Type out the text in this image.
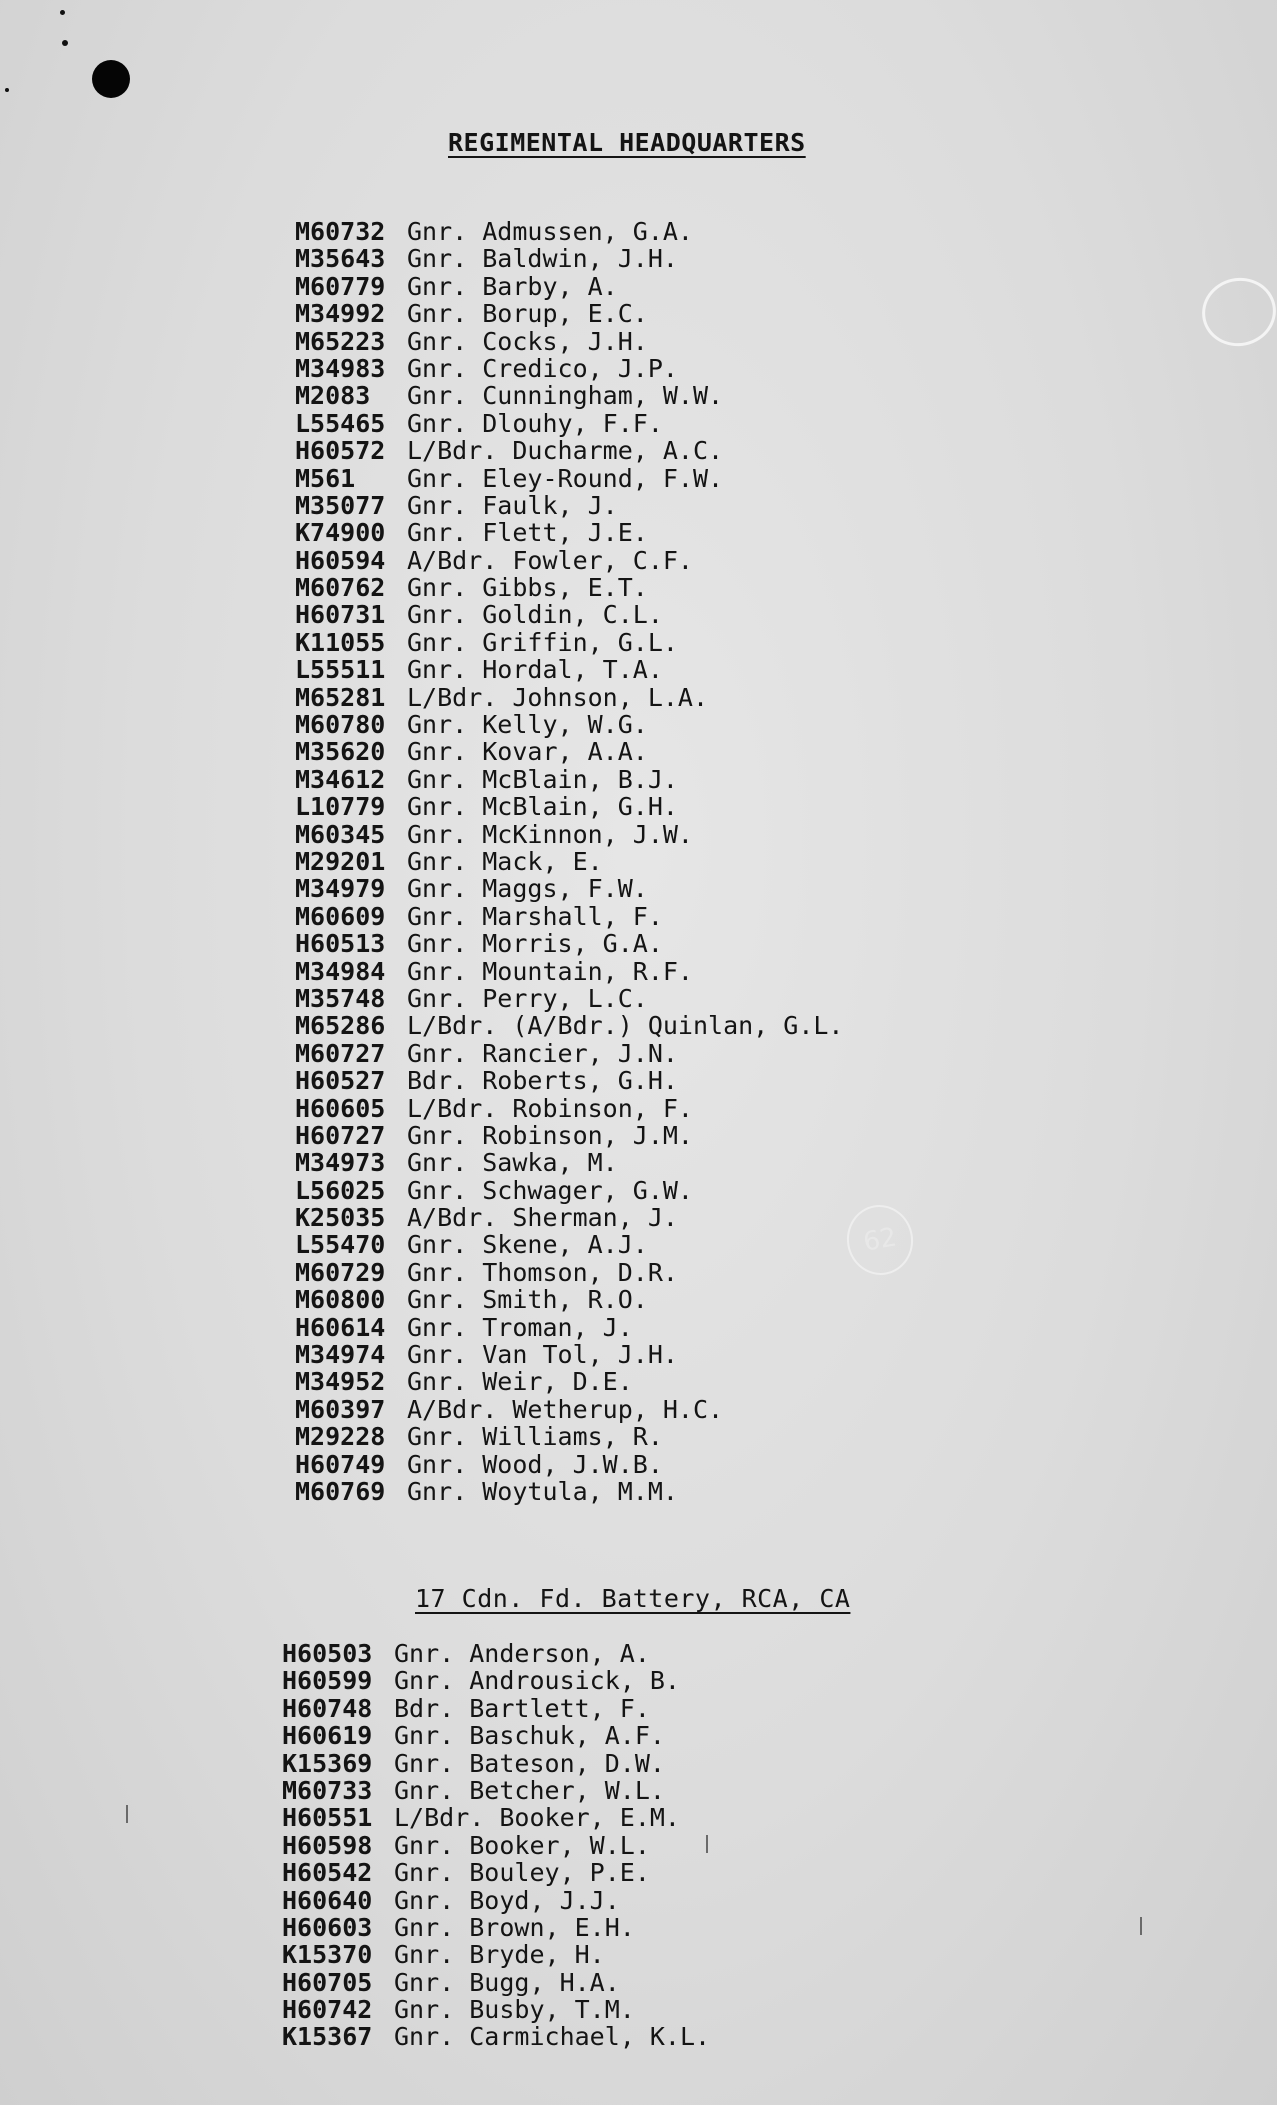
REGIMENTAL HEADQUARTERS
M60732 Gnr. Admussen, G.A.
M35643 Gnr. Baldwin, J.H.
M60779 Gnr. Barby, A.
M34992 Gnr. Borup, E.C.
M65223 Gnr. Cocks, J.H.
M34983 Gnr. Credico, J.P.
M2083 Gnr. Cunningham, W.W.
L55465 Gnr. Dlouhy, F.F.
H60572 L/Bdr. Ducharme, A.C.
M561 Gnr. Eley-Round, F.W.
M35077 Gnr. Faulk, J.
K74900 Gnr. Flett, J.E.
H60594 A/Bdr. Fowler, C.F.
M60762 Gnr. Gibbs, E.T.
H60731 Gnr. Goldin, C.L.
K11055 Gnr. Griffin, G.L.
L55511 Gnr. Hordal, T.A.
M65281 L/Bdr. Johnson, L.A.
M60780 Gnr. Kelly, W.G.
M35620 Gnr. Kovar, A.A.
M34612 Gnr. McBlain, B.J.
L10779 Gnr. McBlain, G.H.
M60345 Gnr. McKinnon, J.W.
M29201 Gnr. Mack, E.
M34979 Gnr. Maggs, F.W.
M60609 Gnr. Marshall, F.
H60513 Gnr. Morris, G.A.
M34984 Gnr. Mountain, R.F.
M35748 Gnr. Perry, L.C.
M65286 L/Bdr. (A/Bdr.) Quinlan, G.L.
M60727 Gnr. Rancier, J.N.
H60527 Bdr. Roberts, G.H.
H60605 L/Bdr. Robinson, F.
H60727 Gnr. Robinson, J.M.
M34973 Gnr. Sawka, M.
L56025 Gnr. Schwager, G.W.
K25035 A/Bdr. Sherman, J.
L55470 Gnr. Skene, A.J.
M60729 Gnr. Thomson, D.R.
M60800 Gnr. Smith, R.O.
H60614 Gnr. Troman, J.
M34974 Gnr. Van Tol, J.H.
M34952 Gnr. Weir, D.E.
M60397 A/Bdr. Wetherup, H.C.
M29228 Gnr. Williams, R.
H60749 Gnr. Wood, J.W.B.
M60769 Gnr. Woytula, M.M.
62
17 Cdn. Fd. Battery, RCA, CA
H60503 Gnr. Anderson, A.
H60599 Gnr. Androusick, B.
H60748 Bdr. Bartlett, F.
H60619 Gnr. Baschuk, A.F.
K15369 Gnr. Bateson, D.W.
M60733 Gnr. Betcher, W.L.
H60551 L/Bdr. Booker, E.M.
H60598 Gnr. Booker, W.L.
H60542 Gnr. Bouley, P.E.
H60640 Gnr. Boyd, J.J.
H60603 Gnr. Brown, E.H.
K15370 Gnr. Bryde, H.
H60705 Gnr. Bugg, H.A.
H60742 Gnr. Busby, T.M.
K15367 Gnr. Carmichael, K.L.
